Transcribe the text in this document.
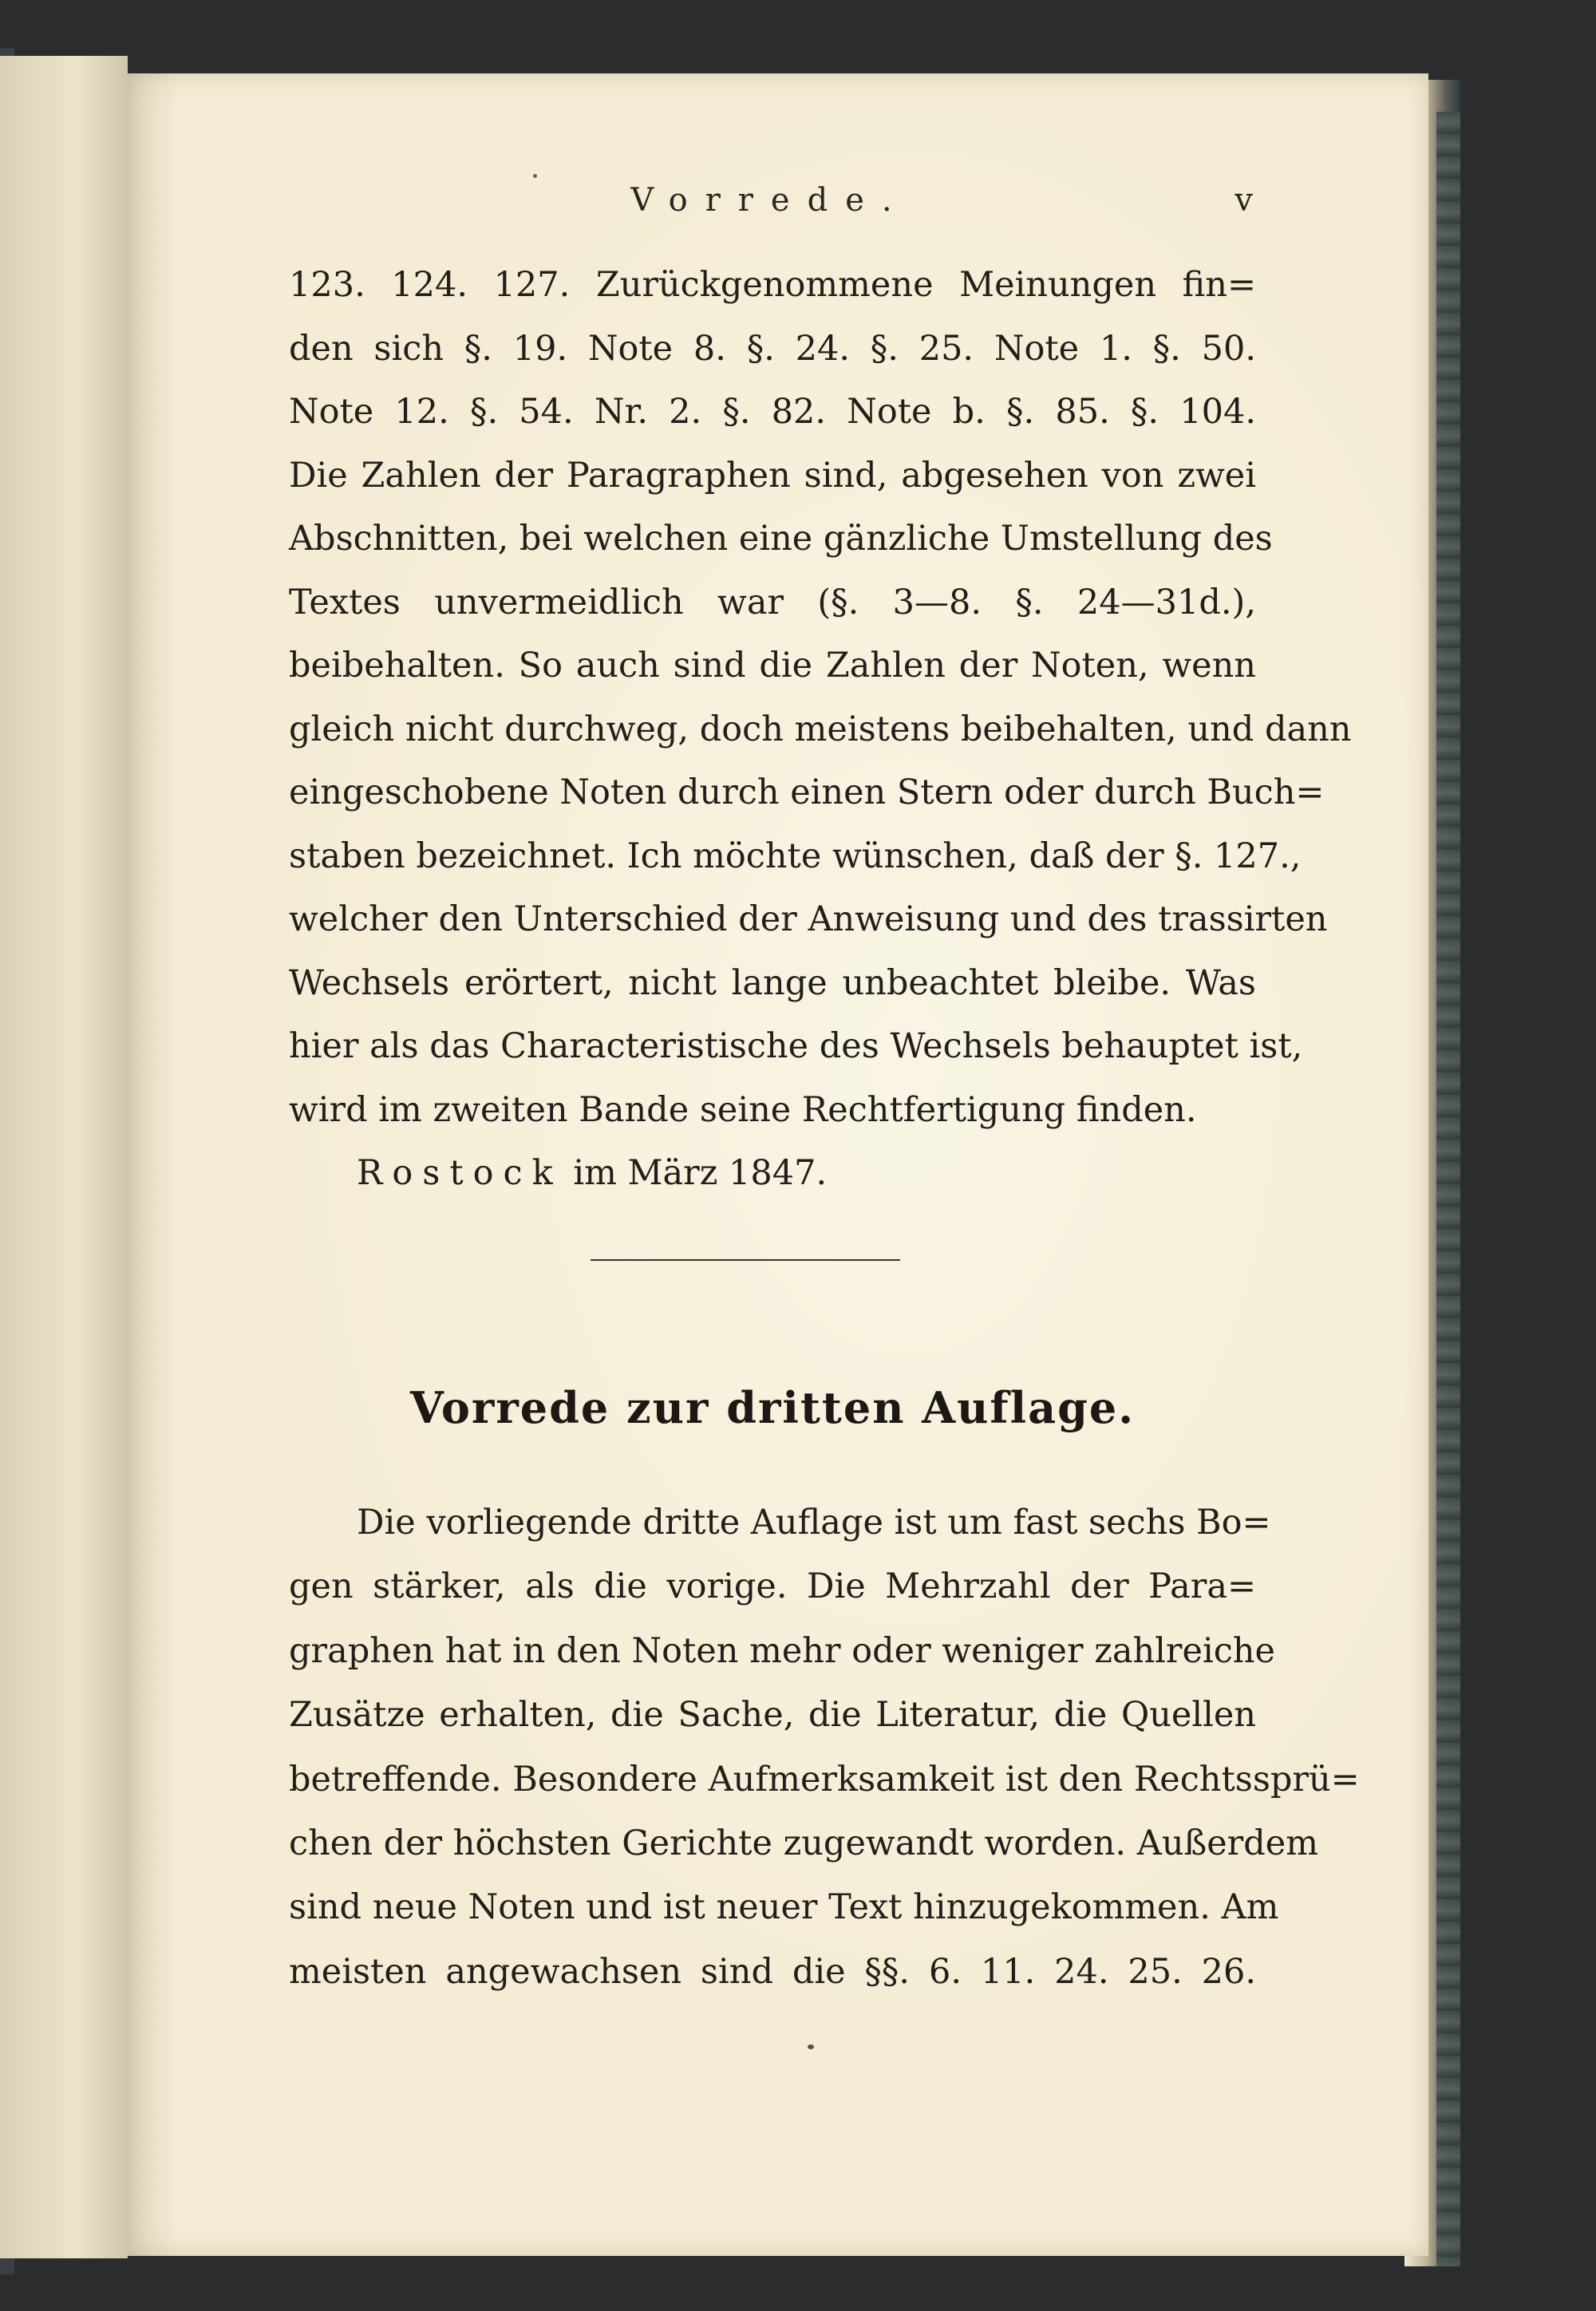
Vorrede.	v
123. 124. 127. Zurückgenommene Meinungen fin=
den sich §. 19. Note 8. §. 24. §. 25. Note 1. §. 50.
Note 12. §. 54. Nr. 2. §. 82. Note b. §. 85. §. 104.
Die Zahlen der Paragraphen sind, abgesehen von zwei
Abschnitten, bei welchen eine gänzliche Umstellung des
Textes unvermeidlich war (§. 3—8. §. 24—31d.),
beibehalten. So auch sind die Zahlen der Noten, wenn
gleich nicht durchweg, doch meistens beibehalten, und dann
eingeschobene Noten durch einen Stern oder durch Buch=
staben bezeichnet. Ich möchte wünschen, daß der §. 127.,
welcher den Unterschied der Anweisung und des trassirten
Wechsels erörtert, nicht lange unbeachtet bleibe. Was
hier als das Characteristische des Wechsels behauptet ist,
wird im zweiten Bande seine Rechtfertigung finden.
Rostock im März 1847.
Vorrede zur dritten Auflage.
Die vorliegende dritte Auflage ist um fast sechs Bo=
gen stärker, als die vorige. Die Mehrzahl der Para=
graphen hat in den Noten mehr oder weniger zahlreiche
Zusätze erhalten, die Sache, die Literatur, die Quellen
betreffende. Besondere Aufmerksamkeit ist den Rechtssprü=
chen der höchsten Gerichte zugewandt worden. Außerdem
sind neue Noten und ist neuer Text hinzugekommen. Am
meisten angewachsen sind die §§. 6. 11. 24. 25. 26.
